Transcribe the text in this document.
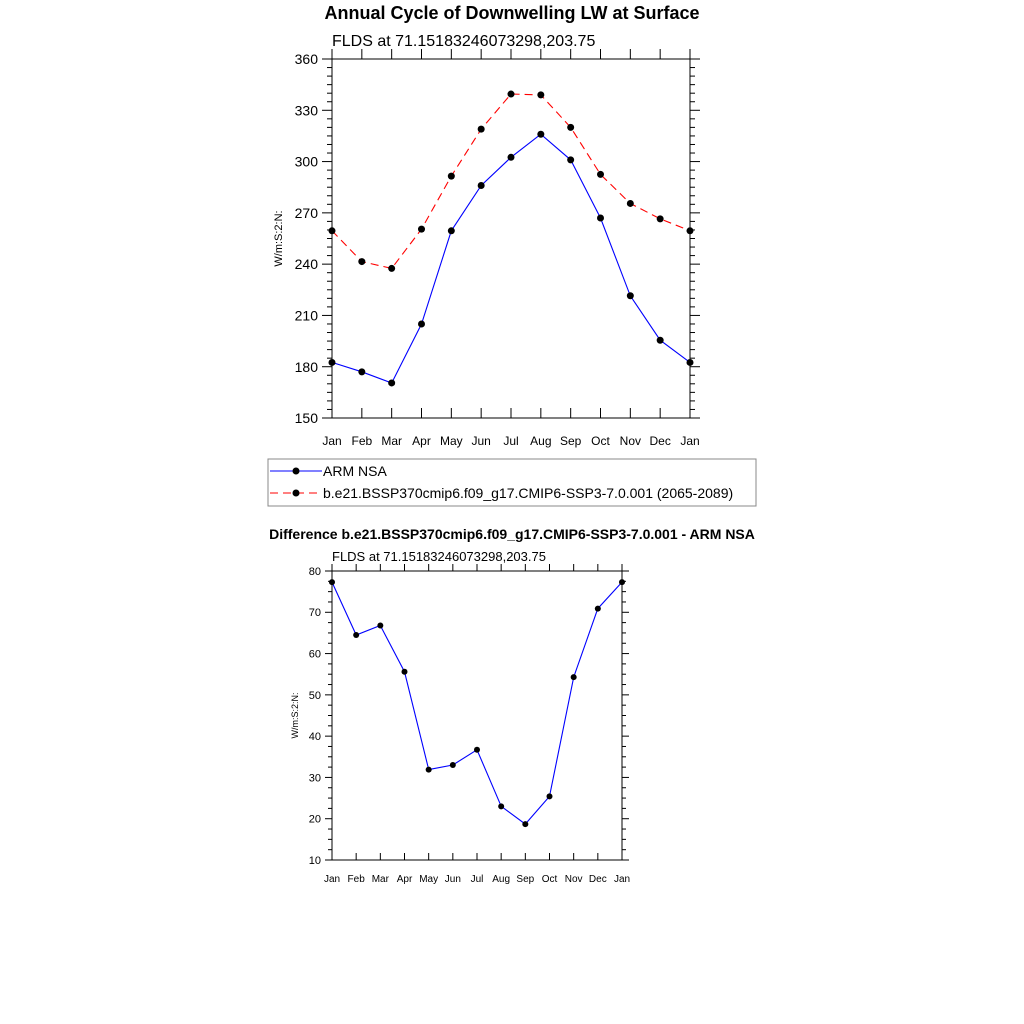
Annual Cycle of Downwelling LW at Surface
FLDS at 71.15183246073298,203.75
150
180
210
240
270
300
330
360
Jan Feb Mar Apr May Jun Jul Aug Sep Oct Nov Dec Jan
W/m:S:2:N:
ARM NSA
b.e21.BSSP370cmip6.f09_g17.CMIP6-SSP3-7.0.001 (2065-2089)
Difference b.e21.BSSP370cmip6.f09_g17.CMIP6-SSP3-7.0.001 - ARM NSA
FLDS at 71.15183246073298,203.75
10
20
30
40
50
60
70
80
Jan Feb Mar Apr May Jun Jul Aug Sep Oct Nov Dec Jan
W/m:S:2:N:
